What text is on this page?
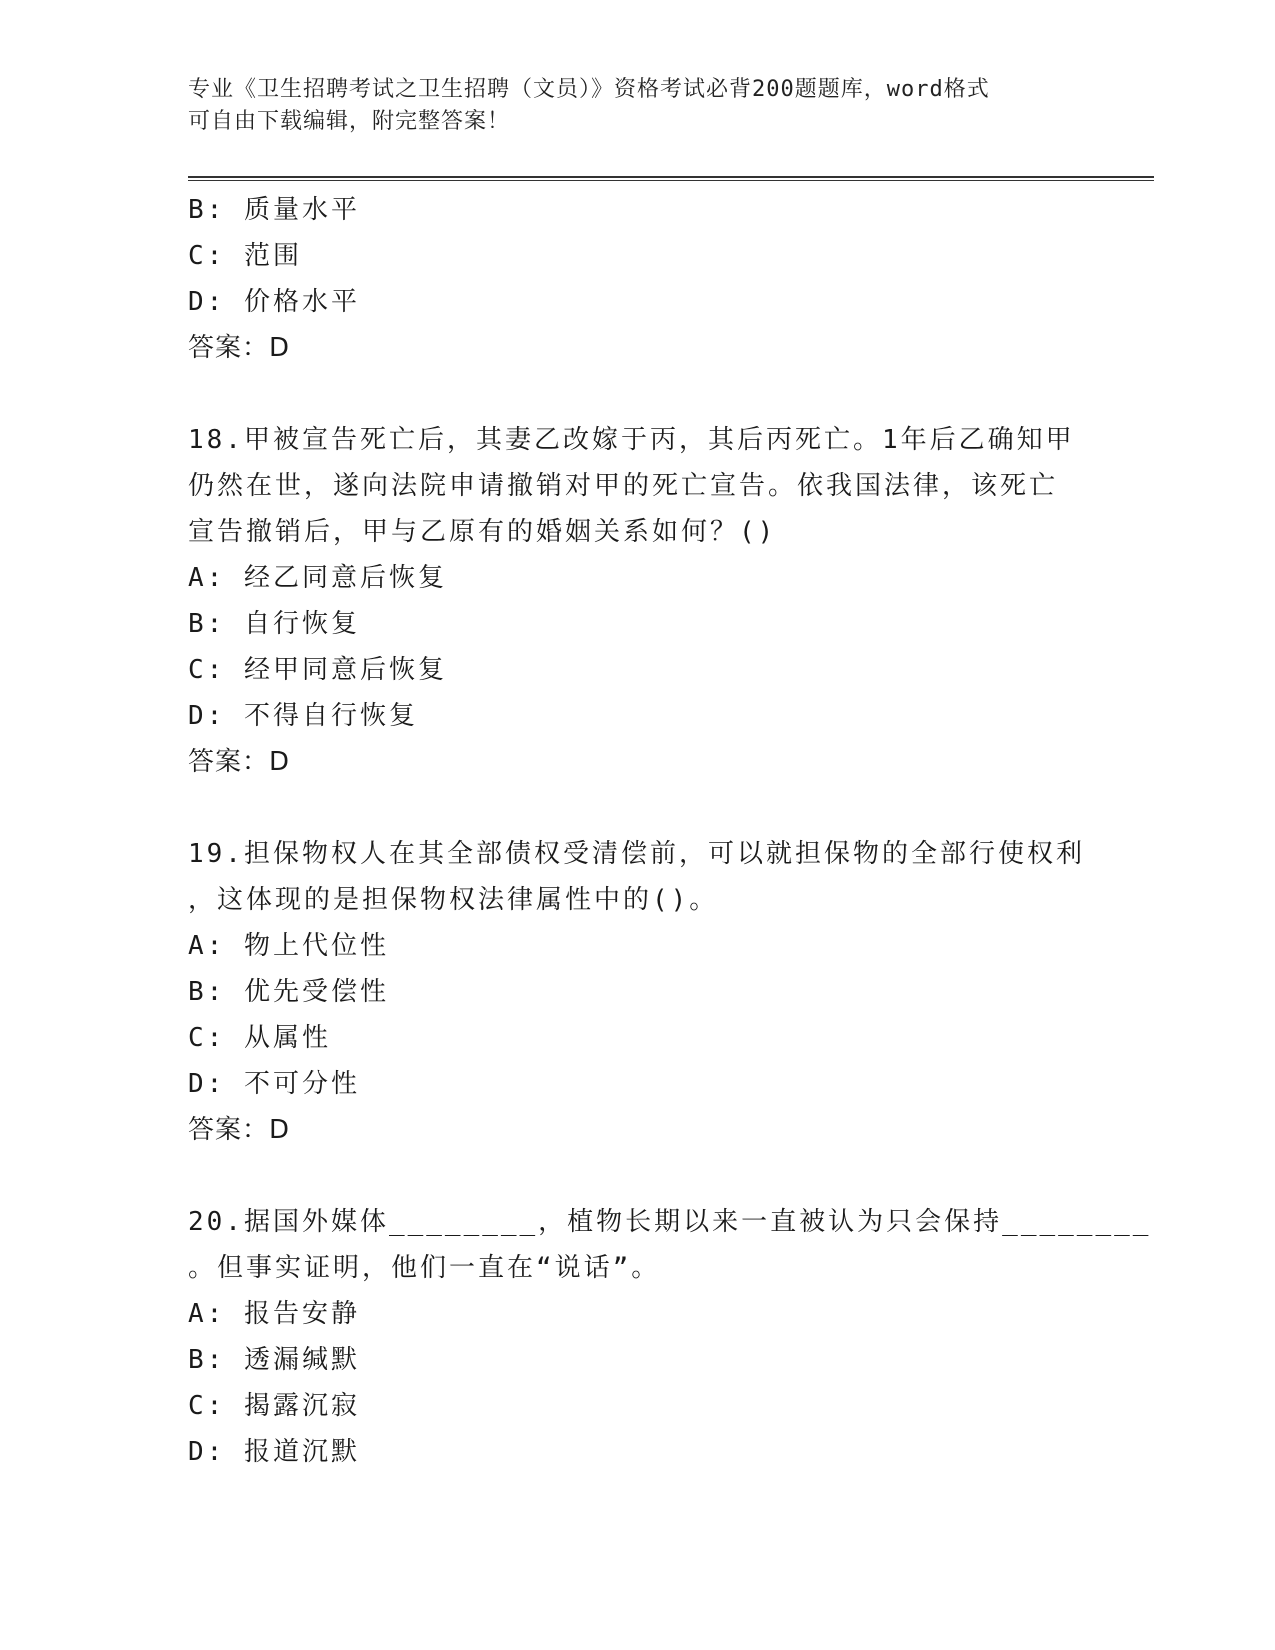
专业《卫生招聘考试之卫生招聘（文员）》资格考试必背200题题库，word格式
可自由下载编辑，附完整答案！
B: 质量水平
C: 范围
D: 价格水平
答案：D
18.甲被宣告死亡后，其妻乙改嫁于丙，其后丙死亡。1年后乙确知甲
仍然在世，遂向法院申请撤销对甲的死亡宣告。依我国法律，该死亡
宣告撤销后，甲与乙原有的婚姻关系如何？()
A: 经乙同意后恢复
B: 自行恢复
C: 经甲同意后恢复
D: 不得自行恢复
答案：D
19.担保物权人在其全部债权受清偿前，可以就担保物的全部行使权利
，这体现的是担保物权法律属性中的()。
A: 物上代位性
B: 优先受偿性
C: 从属性
D: 不可分性
答案：D
20.据国外媒体________，植物长期以来一直被认为只会保持________
。但事实证明，他们一直在“说话”。
A: 报告安静
B: 透漏缄默
C: 揭露沉寂
D: 报道沉默
